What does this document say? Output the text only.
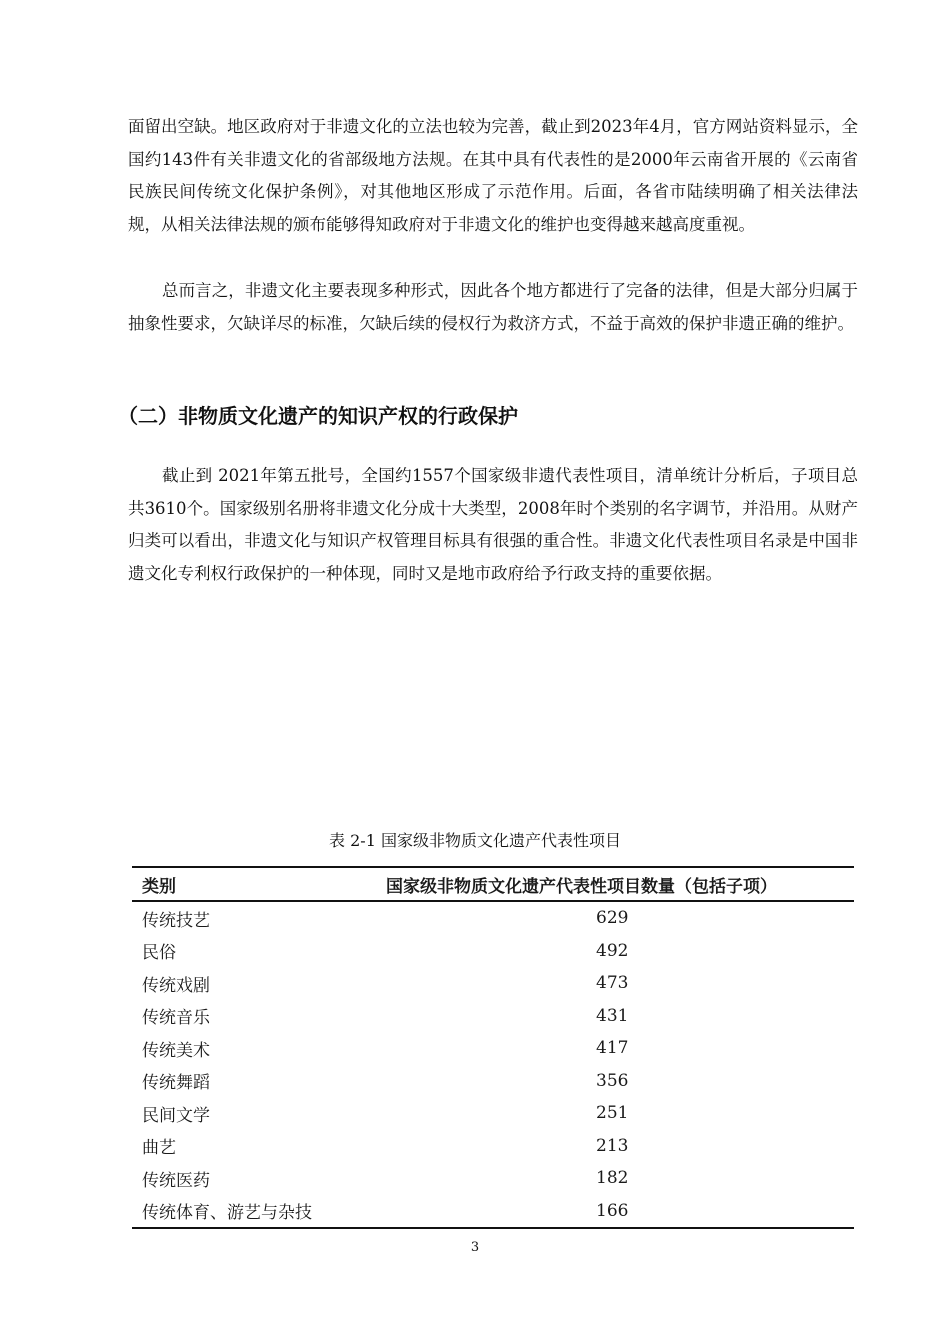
面留出空缺。地区政府对于非遗文化的立法也较为完善，截止到2023年4月，官方网站资料显示，全国约143件有关非遗文化的省部级地方法规。在其中具有代表性的是2000年云南省开展的《云南省民族民间传统文化保护条例》，对其他地区形成了示范作用。后面，各省市陆续明确了相关法律法规，从相关法律法规的颁布能够得知政府对于非遗文化的维护也变得越来越高度重视。

总而言之，非遗文化主要表现多种形式，因此各个地方都进行了完备的法律，但是大部分归属于抽象性要求，欠缺详尽的标准，欠缺后续的侵权行为救济方式，不益于高效的保护非遗正确的维护。

（二）非物质文化遗产的知识产权的行政保护

截止到 2021年第五批号，全国约1557个国家级非遗代表性项目，清单统计分析后，子项目总共3610个。国家级别名册将非遗文化分成十大类型，2008年时个类别的名字调节，并沿用。从财产归类可以看出，非遗文化与知识产权管理目标具有很强的重合性。非遗文化代表性项目名录是中国非遗文化专利权行政保护的一种体现，同时又是地市政府给予行政支持的重要依据。

表 2-1 国家级非物质文化遗产代表性项目

类别	国家级非物质文化遗产代表性项目数量（包括子项）
传统技艺	629
民俗	492
传统戏剧	473
传统音乐	431
传统美术	417
传统舞蹈	356
民间文学	251
曲艺	213
传统医药	182
传统体育、游艺与杂技	166

3
